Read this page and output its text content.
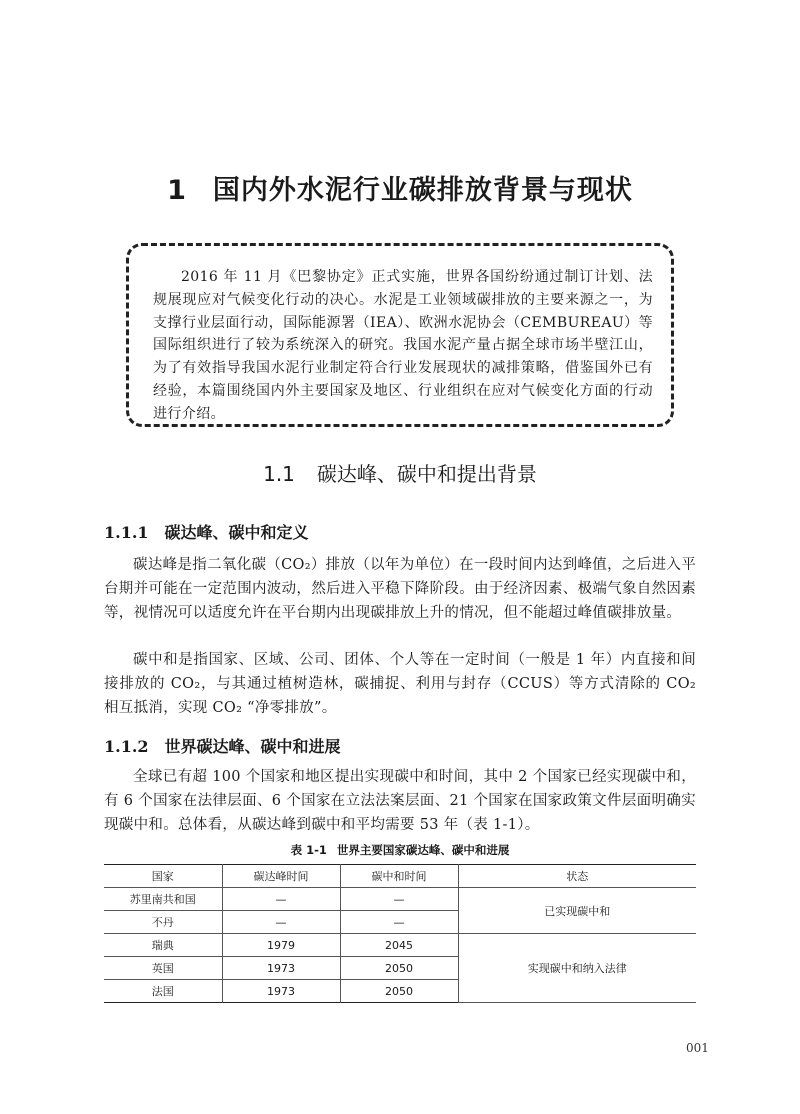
1 国内外水泥行业碳排放背景与现状

2016 年 11 月《巴黎协定》正式实施，世界各国纷纷通过制订计划、法规展现应对气候变化行动的决心。水泥是工业领域碳排放的主要来源之一，为支撑行业层面行动，国际能源署（IEA）、欧洲水泥协会（CEMBUREAU）等国际组织进行了较为系统深入的研究。我国水泥产量占据全球市场半壁江山，为了有效指导我国水泥行业制定符合行业发展现状的减排策略，借鉴国外已有经验，本篇围绕国内外主要国家及地区、行业组织在应对气候变化方面的行动进行介绍。

1.1 碳达峰、碳中和提出背景
1.1.1 碳达峰、碳中和定义

碳达峰是指二氧化碳（CO₂）排放（以年为单位）在一段时间内达到峰值，之后进入平台期并可能在一定范围内波动，然后进入平稳下降阶段。由于经济因素、极端气象自然因素等，视情况可以适度允许在平台期内出现碳排放上升的情况，但不能超过峰值碳排放量。

碳中和是指国家、区域、公司、团体、个人等在一定时间（一般是 1 年）内直接和间接排放的 CO₂，与其通过植树造林，碳捕捉、利用与封存（CCUS）等方式清除的 CO₂ 相互抵消，实现 CO₂ “净零排放”。

1.1.2 世界碳达峰、碳中和进展

全球已有超 100 个国家和地区提出实现碳中和时间，其中 2 个国家已经实现碳中和，有 6 个国家在法律层面、6 个国家在立法法案层面、21 个国家在国家政策文件层面明确实现碳中和。总体看，从碳达峰到碳中和平均需要 53 年（表 1-1）。

表 1-1 世界主要国家碳达峰、碳中和进展
国家	碳达峰时间	碳中和时间	状态
苏里南共和国	—	—	已实现碳中和
不丹	—	—	
瑞典	1979	2045	实现碳中和纳入法律
英国	1973	2050	
法国	1973	2050	
001
